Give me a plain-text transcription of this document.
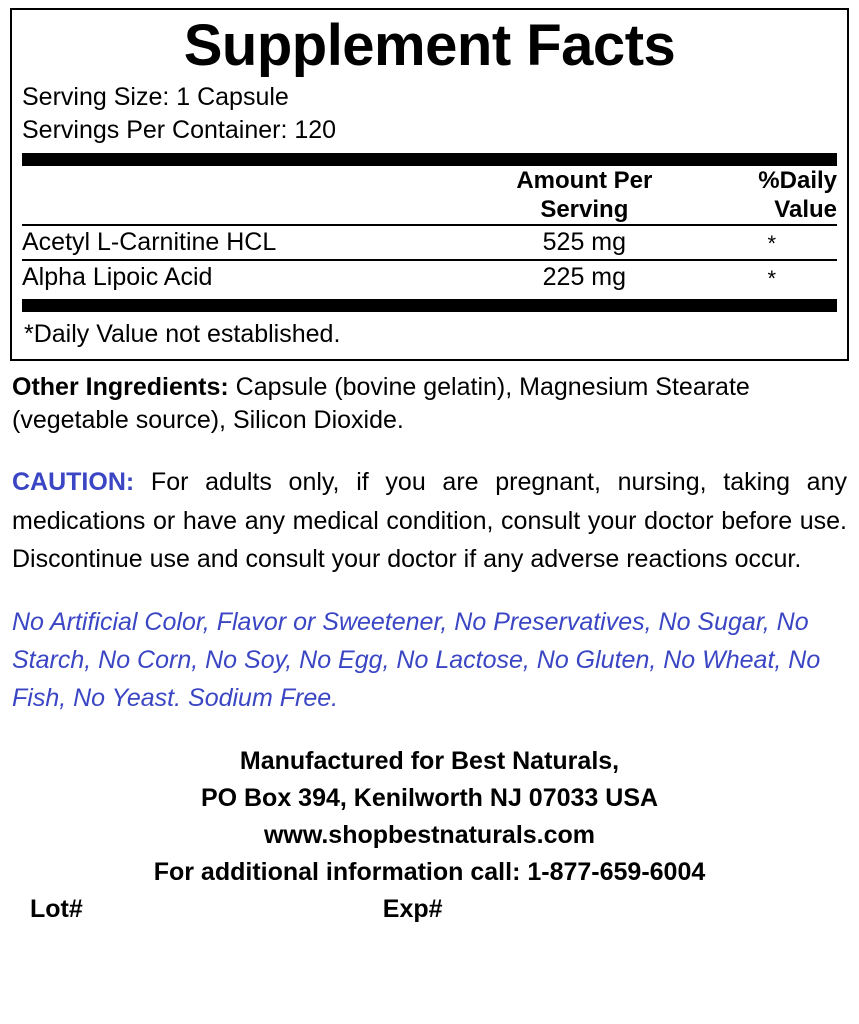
Supplement Facts
Serving Size: 1 Capsule
Servings Per Container: 120

Amount Per
Serving

%Daily
Value
Acetyl L-Carnitine HCL	525 mg	*
Alpha Lipoic Acid	225 mg	*
*Daily Value not established.

Other Ingredients: Capsule (bovine gelatin), Magnesium Stearate (vegetable source), Silicon Dioxide.

CAUTION: For adults only, if you are pregnant, nursing, taking any medications or have any medical condition, consult your doctor before use. Discontinue use and consult your doctor if any adverse reactions occur.

No Artificial Color, Flavor or Sweetener, No Preservatives, No Sugar, No Starch, No Corn, No Soy, No Egg, No Lactose, No Gluten, No Wheat, No Fish, No Yeast. Sodium Free.

Manufactured for Best Naturals,
PO Box 394, Kenilworth NJ 07033 USA
www.shopbestnaturals.com
For additional information call: 1-877-659-6004
Lot#	Exp#
